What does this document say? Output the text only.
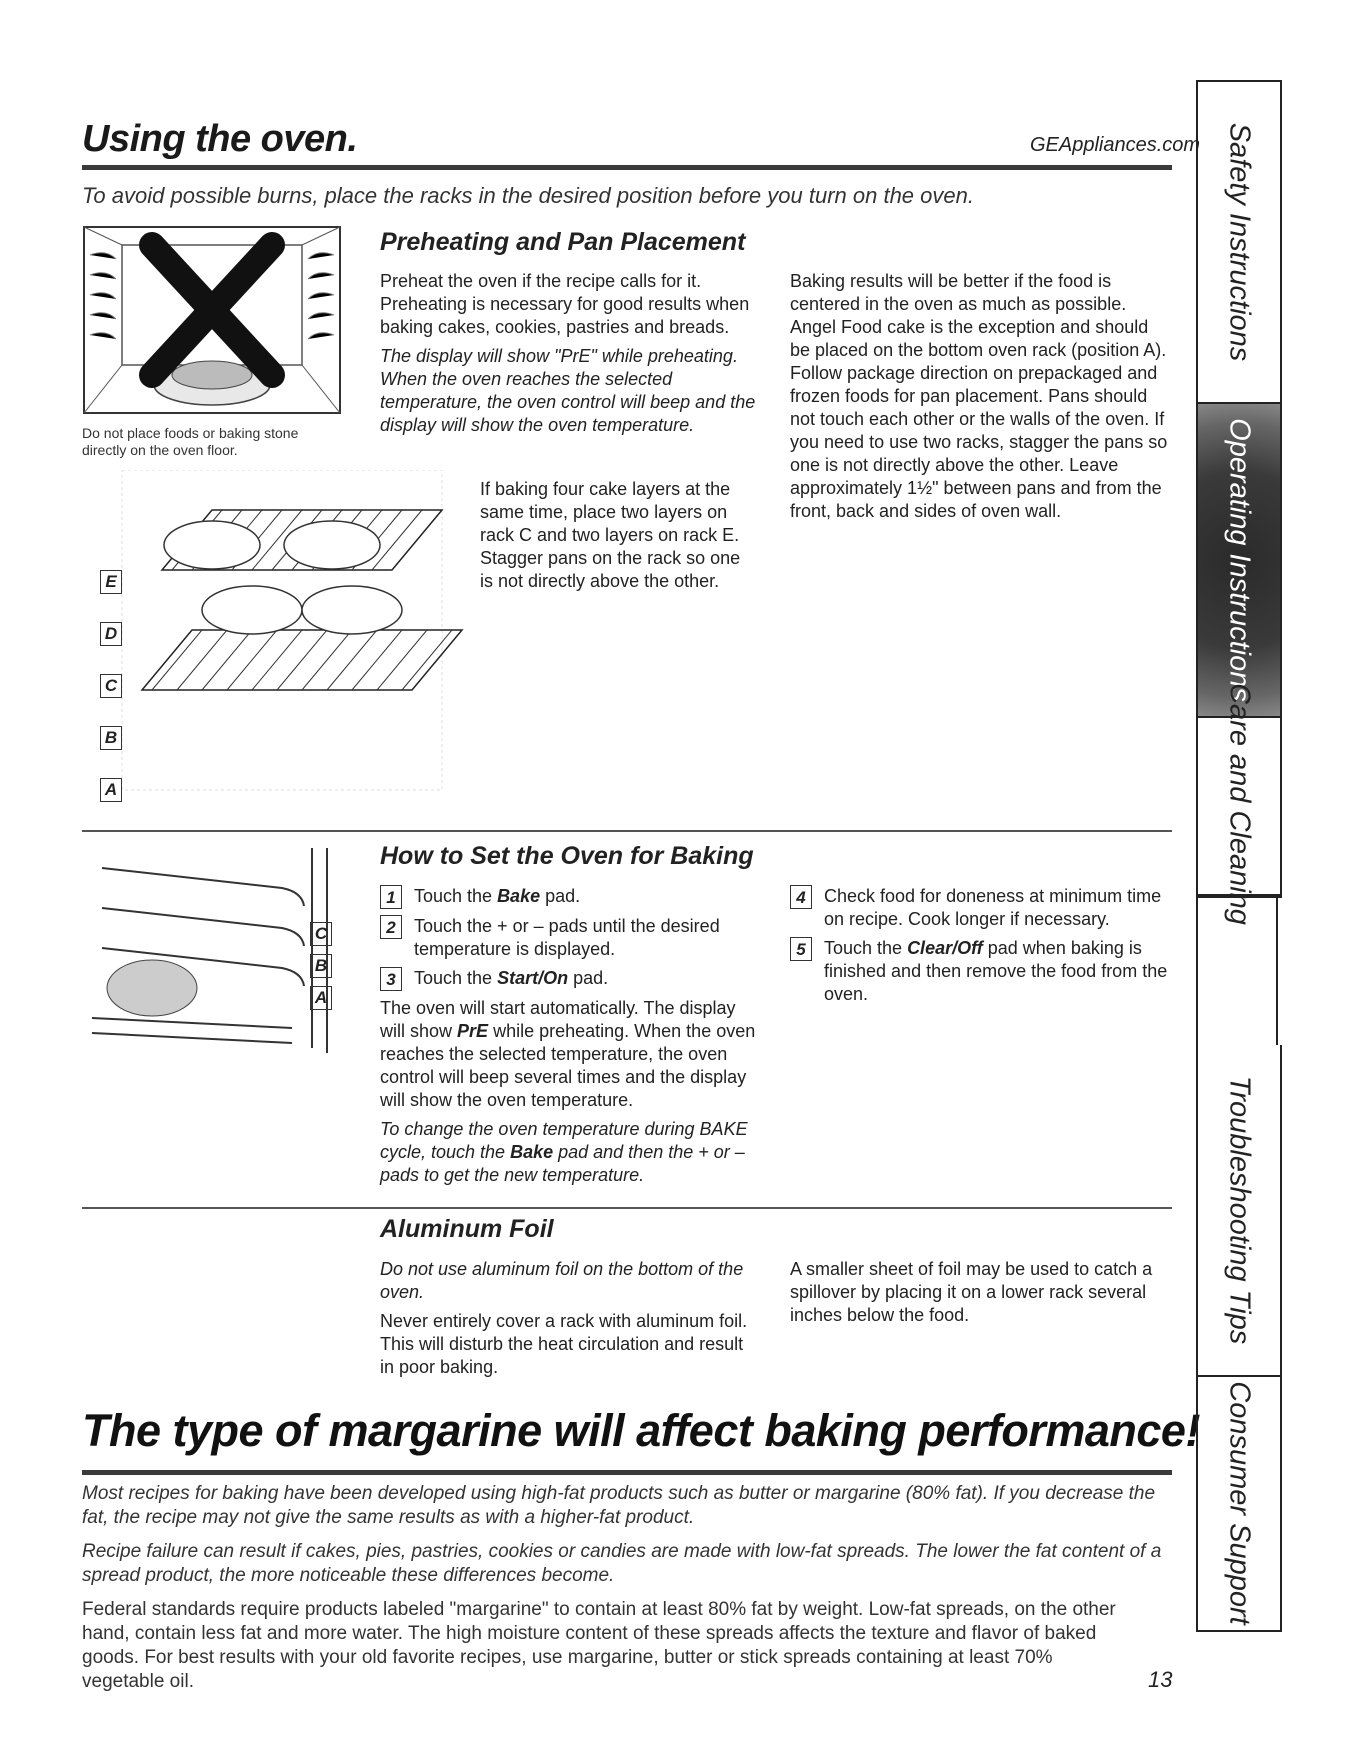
Using the oven.	GEAppliances.com
To avoid possible burns, place the racks in the desired position before you turn on the oven.
Do not place foods or baking stone directly on the oven floor.
E
D
C
B
A
Preheating and Pan Placement

Preheat the oven if the recipe calls for it. Preheating is necessary for good results when baking cakes, cookies, pastries and breads.

The display will show "PrE" while preheating. When the oven reaches the selected temperature, the oven control will beep and the display will show the oven temperature.

If baking four cake layers at the same time, place two layers on rack C and two layers on rack E. Stagger pans on the rack so one is not directly above the other.

Baking results will be better if the food is centered in the oven as much as possible. Angel Food cake is the exception and should be placed on the bottom oven rack (position A). Follow package direction on prepackaged and frozen foods for pan placement. Pans should not touch each other or the walls of the oven. If you need to use two racks, stagger the pans so one is not directly above the other. Leave approximately 1½" between pans and from the front, back and sides of oven wall.

C
B
A
How to Set the Oven for Baking
1	Touch the Bake pad.
2	Touch the + or – pads until the desired temperature is displayed.
3	Touch the Start/On pad.

The oven will start automatically. The display will show PrE while preheating. When the oven reaches the selected temperature, the oven control will beep several times and the display will show the oven temperature.

To change the oven temperature during BAKE cycle, touch the Bake pad and then the + or – pads to get the new temperature.

4	Check food for doneness at minimum time on recipe. Cook longer if necessary.
5	Touch the Clear/Off pad when baking is finished and then remove the food from the oven.
Aluminum Foil

Do not use aluminum foil on the bottom of the oven.

Never entirely cover a rack with aluminum foil. This will disturb the heat circulation and result in poor baking.

A smaller sheet of foil may be used to catch a spillover by placing it on a lower rack several inches below the food.

The type of margarine will affect baking performance!

Most recipes for baking have been developed using high-fat products such as butter or margarine (80% fat). If you decrease the fat, the recipe may not give the same results as with a higher-fat product.

Recipe failure can result if cakes, pies, pastries, cookies or candies are made with low-fat spreads. The lower the fat content of a spread product, the more noticeable these differences become.

Federal standards require products labeled "margarine" to contain at least 80% fat by weight. Low-fat spreads, on the other hand, contain less fat and more water. The high moisture content of these spreads affects the texture and flavor of baked goods. For best results with your old favorite recipes, use margarine, butter or stick spreads containing at least 70% vegetable oil.	13
Safety Instructions
Operating Instructions
Care and Cleaning
Troubleshooting Tips
Consumer Support
